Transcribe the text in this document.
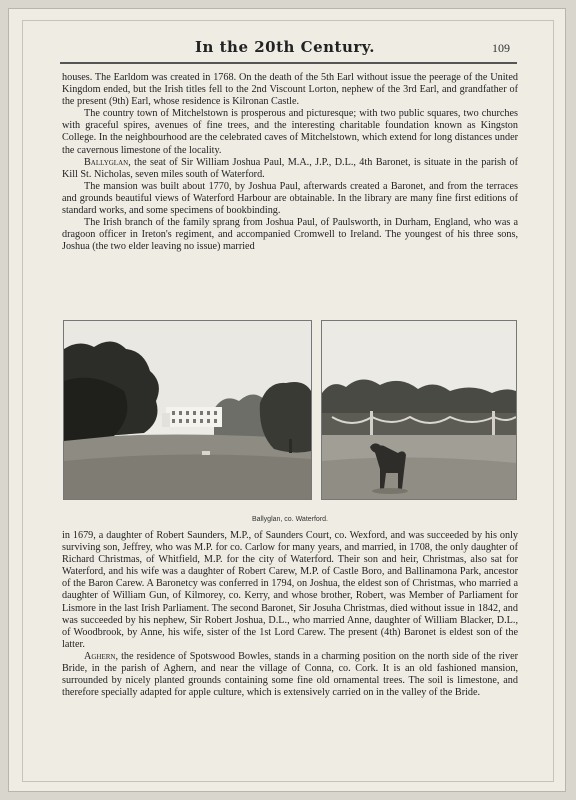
In the 20th Century.	109

houses. The Earldom was created in 1768. On the death of the 5th Earl without issue the peerage of the United Kingdom ended, but the Irish titles fell to the 2nd Viscount Lorton, nephew of the 3rd Earl, and grandfather of the present (9th) Earl, whose residence is Kilronan Castle.

The country town of Mitchelstown is prosperous and picturesque; with two public squares, two churches with graceful spires, avenues of fine trees, and the interesting charitable foundation known as Kingston College. In the neighbourhood are the celebrated caves of Mitchelstown, which extend for long distances under the cavernous limestone of the locality.

Ballyglan, the seat of Sir William Joshua Paul, M.A., J.P., D.L., 4th Baronet, is situate in the parish of Kill St. Nicholas, seven miles south of Waterford.

The mansion was built about 1770, by Joshua Paul, afterwards created a Baronet, and from the terraces and grounds beautiful views of Waterford Harbour are obtainable. In the library are many fine first editions of standard works, and some specimens of bookbinding.

The Irish branch of the family sprang from Joshua Paul, of Paulsworth, in Durham, England, who was a dragoon officer in Ireton's regiment, and accompanied Cromwell to Ireland. The youngest of his three sons, Joshua (the two elder leaving no issue) married

Ballyglan, co. Waterford.

in 1679, a daughter of Robert Saunders, M.P., of Saunders Court, co. Wexford, and was succeeded by his only surviving son, Jeffrey, who was M.P. for co. Carlow for many years, and married, in 1708, the only daughter of Richard Christmas, of Whitfield, M.P. for the city of Waterford. Their son and heir, Christmas, also sat for Waterford, and his wife was a daughter of Robert Carew, M.P. of Castle Boro, and Ballinamona Park, ancestor of the Baron Carew. A Baronetcy was conferred in 1794, on Joshua, the eldest son of Christmas, who married a daughter of William Gun, of Kilmorey, co. Kerry, and whose brother, Robert, was Member of Parliament for Lismore in the last Irish Parliament. The second Baronet, Sir Josuha Christmas, died without issue in 1842, and was succeeded by his nephew, Sir Robert Joshua, D.L., who married Anne, daughter of William Blacker, D.L., of Woodbrook, by Anne, his wife, sister of the 1st Lord Carew. The present (4th) Baronet is eldest son of the latter.

Aghern, the residence of Spotswood Bowles, stands in a charming position on the north side of the river Bride, in the parish of Aghern, and near the village of Conna, co. Cork. It is an old fashioned mansion, surrounded by nicely planted grounds containing some fine old ornamental trees. The soil is limestone, and therefore specially adapted for apple culture, which is extensively carried on in the valley of the Bride.
